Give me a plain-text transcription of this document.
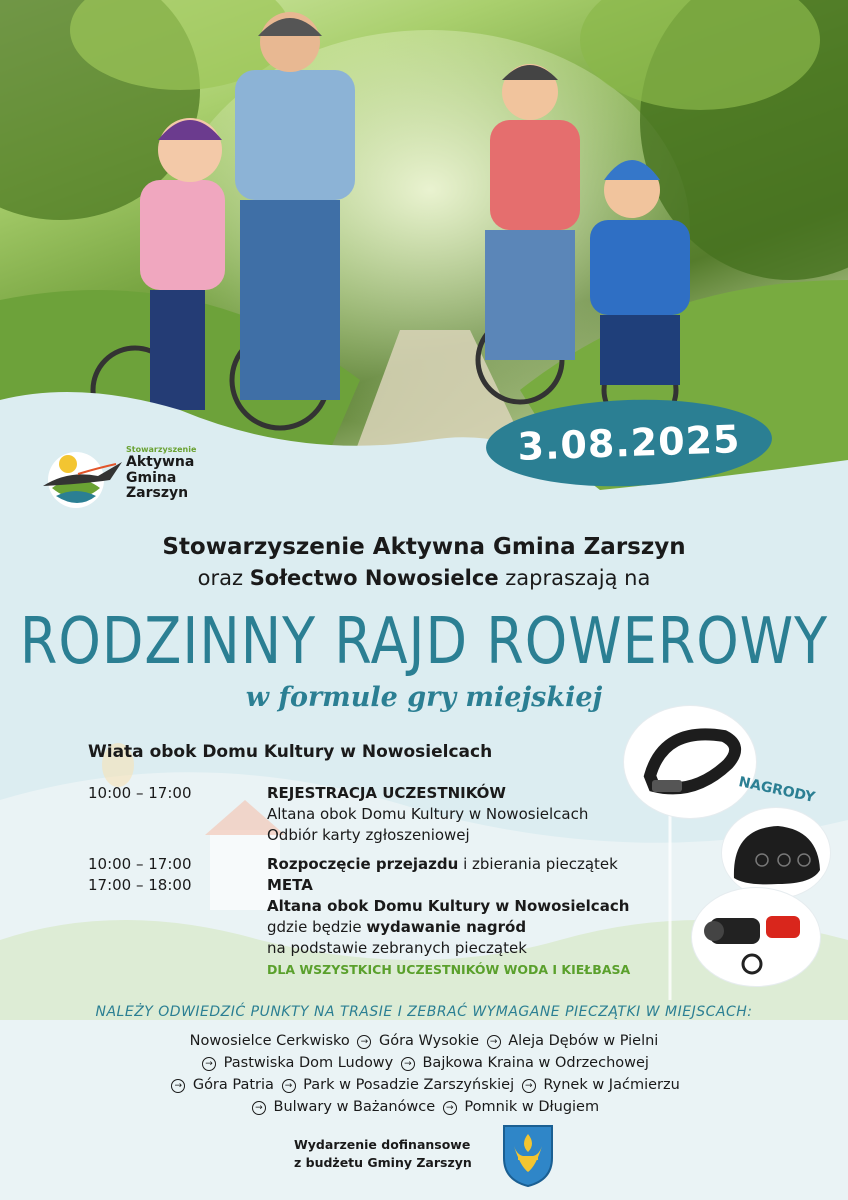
Stowarzyszenie
Aktywna
Gmina
Zarszyn
3.08.2025
Stowarzyszenie Aktywna Gmina Zarszyn
oraz Sołectwo Nowosielce zapraszają na
RODZINNY RAJD ROWEROWY
w formule gry miejskiej
Wiata obok Domu Kultury w Nowosielcach
10:00 – 17:00	REJESTRACJA UCZESTNIKÓW
Altana obok Domu Kultury w Nowosielcach
Odbiór karty zgłoszeniowej
10:00 – 17:00	Rozpoczęcie przejazdu i zbierania pieczątek
17:00 – 18:00	META
Altana obok Domu Kultury w Nowosielcach
gdzie będzie wydawanie nagród
na podstawie zebranych pieczątek
DLA WSZYSTKICH UCZESTNIKÓW WODA I KIEŁBASA
NAGRODY
NALEŻY ODWIEDZIĆ PUNKTY NA TRASIE I ZEBRAĆ WYMAGANE PIECZĄTKI W MIEJSCACH:
Nowosielce Cerkwisko → Góra Wysokie → Aleja Dębów w Pielni
→ Pastwiska Dom Ludowy → Bajkowa Kraina w Odrzechowej
→ Góra Patria → Park w Posadzie Zarszyńskiej → Rynek w Jaćmierzu
→ Bulwary w Bażanówce → Pomnik w Długiem
Wydarzenie dofinansowe
z budżetu Gminy Zarszyn
